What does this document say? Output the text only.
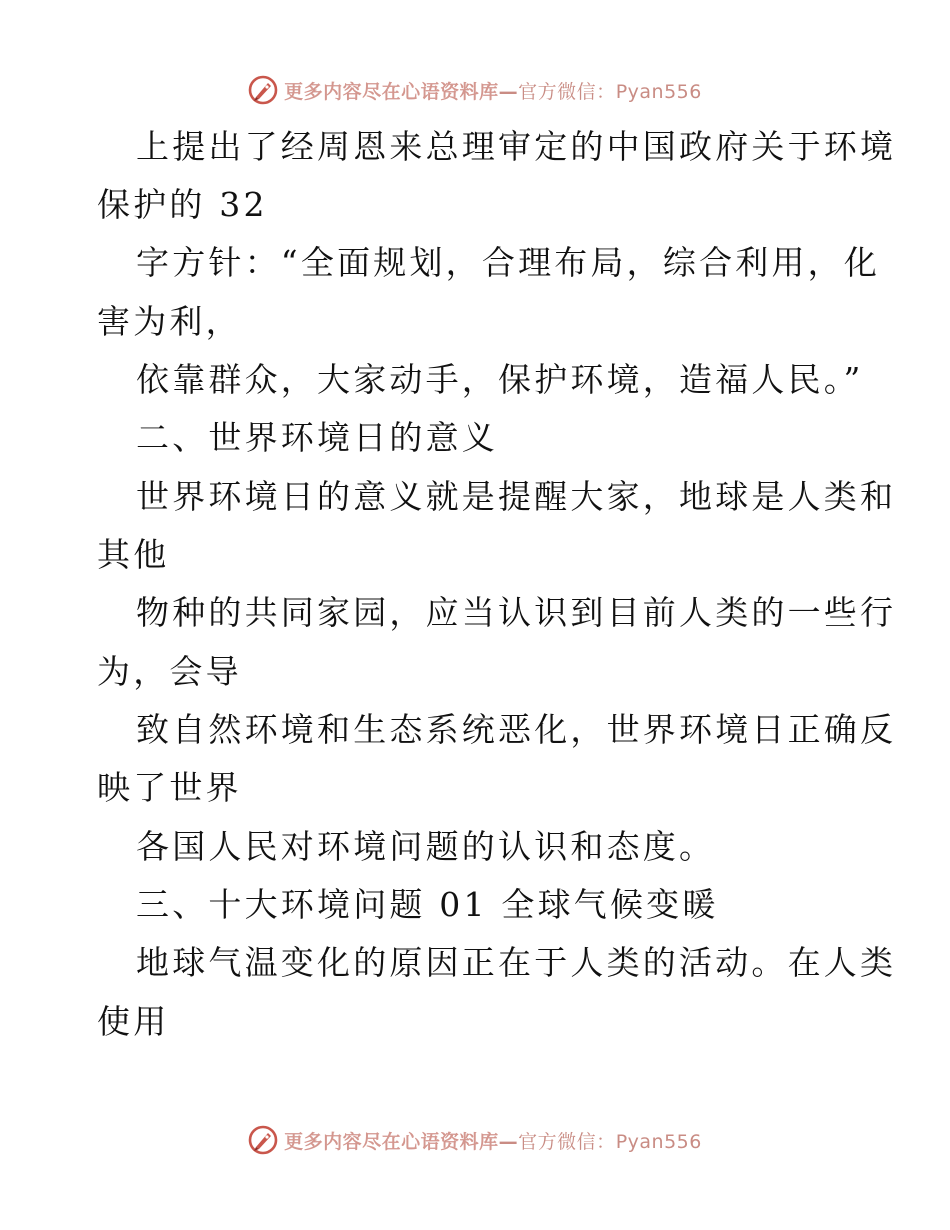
更多内容尽在心语资料库—官方微信：Pyan556
上提出了经周恩来总理审定的中国政府关于环境
保护的 32
字方针：“全面规划，合理布局，综合利用，化
害为利，
依靠群众，大家动手，保护环境，造福人民。”
二、世界环境日的意义
世界环境日的意义就是提醒大家，地球是人类和
其他
物种的共同家园，应当认识到目前人类的一些行
为，会导
致自然环境和生态系统恶化，世界环境日正确反
映了世界
各国人民对环境问题的认识和态度。
三、十大环境问题 01 全球气候变暖
地球气温变化的原因正在于人类的活动。在人类
使用
更多内容尽在心语资料库—官方微信：Pyan556
